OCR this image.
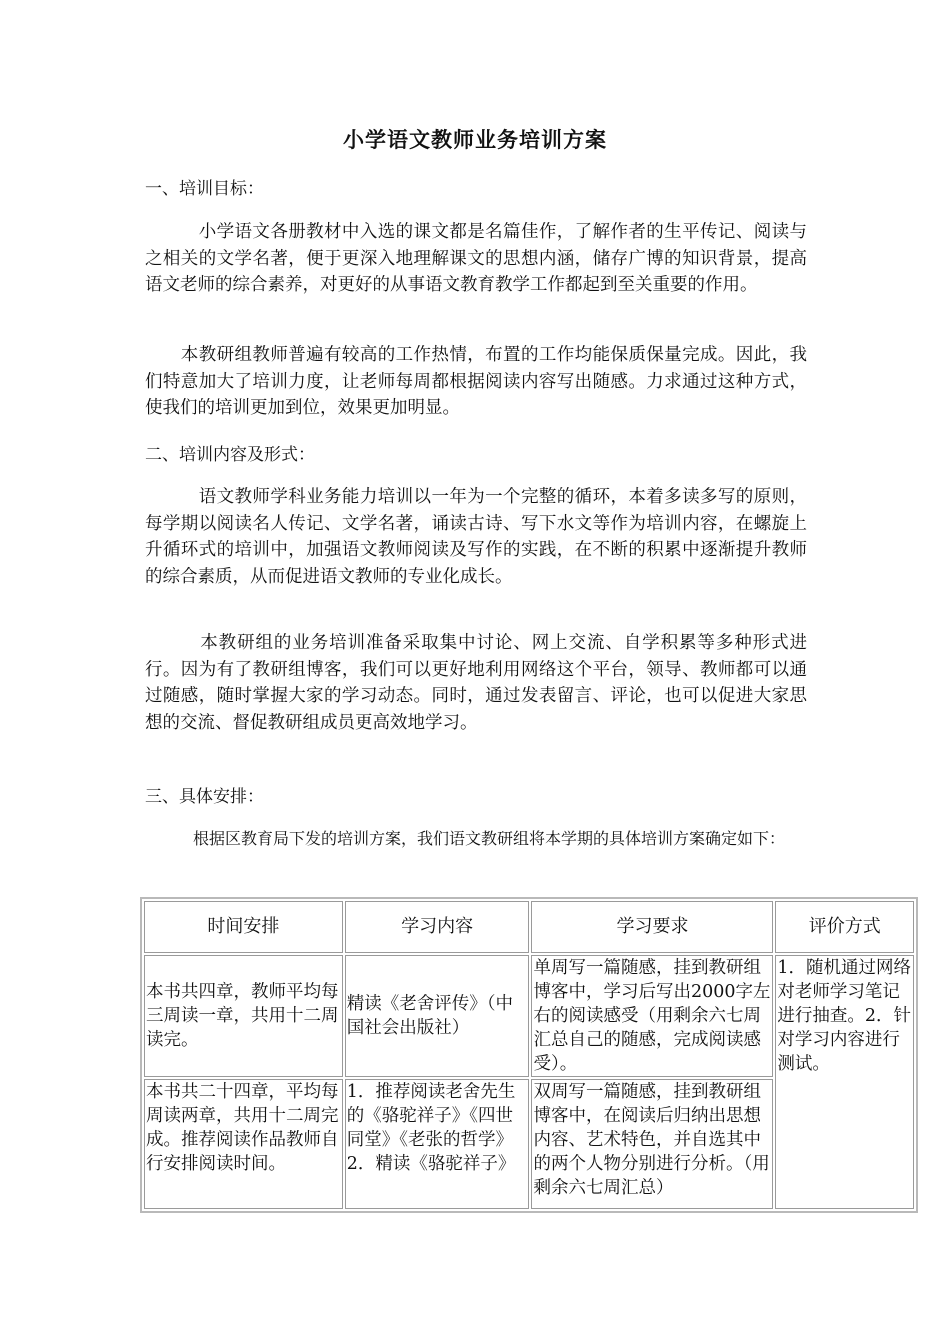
小学语文教师业务培训方案
一、培训目标：

　　　小学语文各册教材中入选的课文都是名篇佳作，了解作者的生平传记、阅读与之相关的文学名著，便于更深入地理解课文的思想内涵，储存广博的知识背景，提高语文老师的综合素养，对更好的从事语文教育教学工作都起到至关重要的作用。

　　本教研组教师普遍有较高的工作热情，布置的工作均能保质保量完成。因此，我们特意加大了培训力度，让老师每周都根据阅读内容写出随感。力求通过这种方式，使我们的培训更加到位，效果更加明显。

二、培训内容及形式：

　　　语文教师学科业务能力培训以一年为一个完整的循环，本着多读多写的原则，每学期以阅读名人传记、文学名著，诵读古诗、写下水文等作为培训内容，在螺旋上升循环式的培训中，加强语文教师阅读及写作的实践，在不断的积累中逐渐提升教师的综合素质，从而促进语文教师的专业化成长。

　　　本教研组的业务培训准备采取集中讨论、网上交流、自学积累等多种形式进行。因为有了教研组博客，我们可以更好地利用网络这个平台，领导、教师都可以通过随感，随时掌握大家的学习动态。同时，通过发表留言、评论，也可以促进大家思想的交流、督促教研组成员更高效地学习。

三、具体安排：

　　　根据区教育局下发的培训方案，我们语文教研组将本学期的具体培训方案确定如下：

时间安排	学习内容	学习要求	评价方式
本书共四章，教师平均每三周读一章，共用十二周读完。	精读《老舍评传》（中国社会出版社）	单周写一篇随感，挂到教研组博客中，学习后写出2000字左右的阅读感受（用剩余六七周汇总自己的随感，完成阅读感受）。	1．随机通过网络对老师学习笔记进行抽查。2．针对学习内容进行测试。

本书共二十四章，平均每周读两章，共用十二周完成。推荐阅读作品教师自行安排阅读时间。	1．推荐阅读老舍先生的《骆驼祥子》《四世同堂》《老张的哲学》
2．精读《骆驼祥子》	双周写一篇随感，挂到教研组博客中，在阅读后归纳出思想内容、艺术特色，并自选其中的两个人物分别进行分析。（用剩余六七周汇总）	
